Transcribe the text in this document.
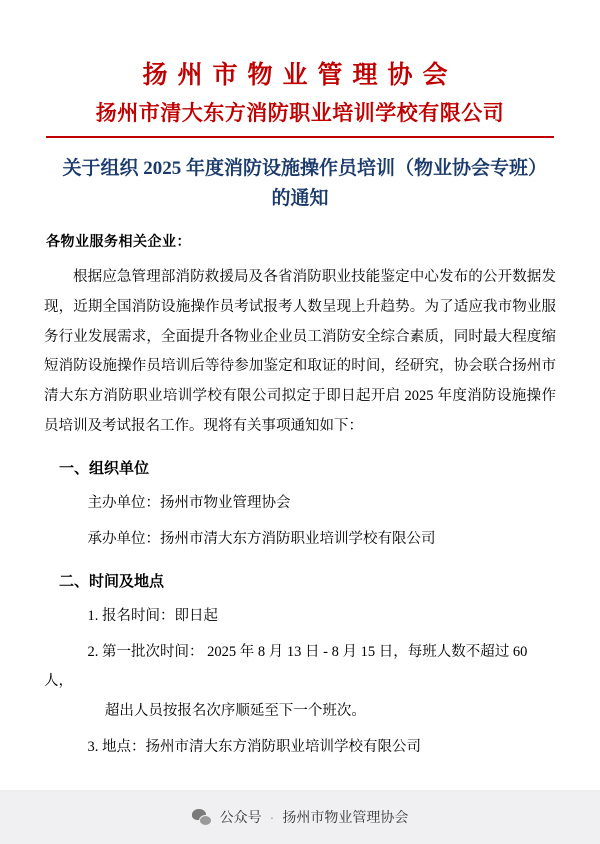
扬州市物业管理协会
扬州市清大东方消防职业培训学校有限公司
关于组织 2025 年度消防设施操作员培训（物业协会专班）的通知
各物业服务相关企业：

根据应急管理部消防救援局及各省消防职业技能鉴定中心发布的公开数据发现，近期全国消防设施操作员考试报考人数呈现上升趋势。为了适应我市物业服务行业发展需求，全面提升各物业企业员工消防安全综合素质，同时最大程度缩短消防设施操作员培训后等待参加鉴定和取证的时间，经研究，协会联合扬州市清大东方消防职业培训学校有限公司拟定于即日起开启 2025 年度消防设施操作员培训及考试报名工作。现将有关事项通知如下：

一、组织单位
主办单位：扬州市物业管理协会
承办单位：扬州市清大东方消防职业培训学校有限公司
二、时间及地点
1. 报名时间：即日起
2. 第一批次时间： 2025 年 8 月 13 日 - 8 月 15 日，每班人数不超过 60 人，
超出人员按报名次序顺延至下一个班次。
3. 地点：扬州市清大东方消防职业培训学校有限公司
公众号 · 扬州市物业管理协会
